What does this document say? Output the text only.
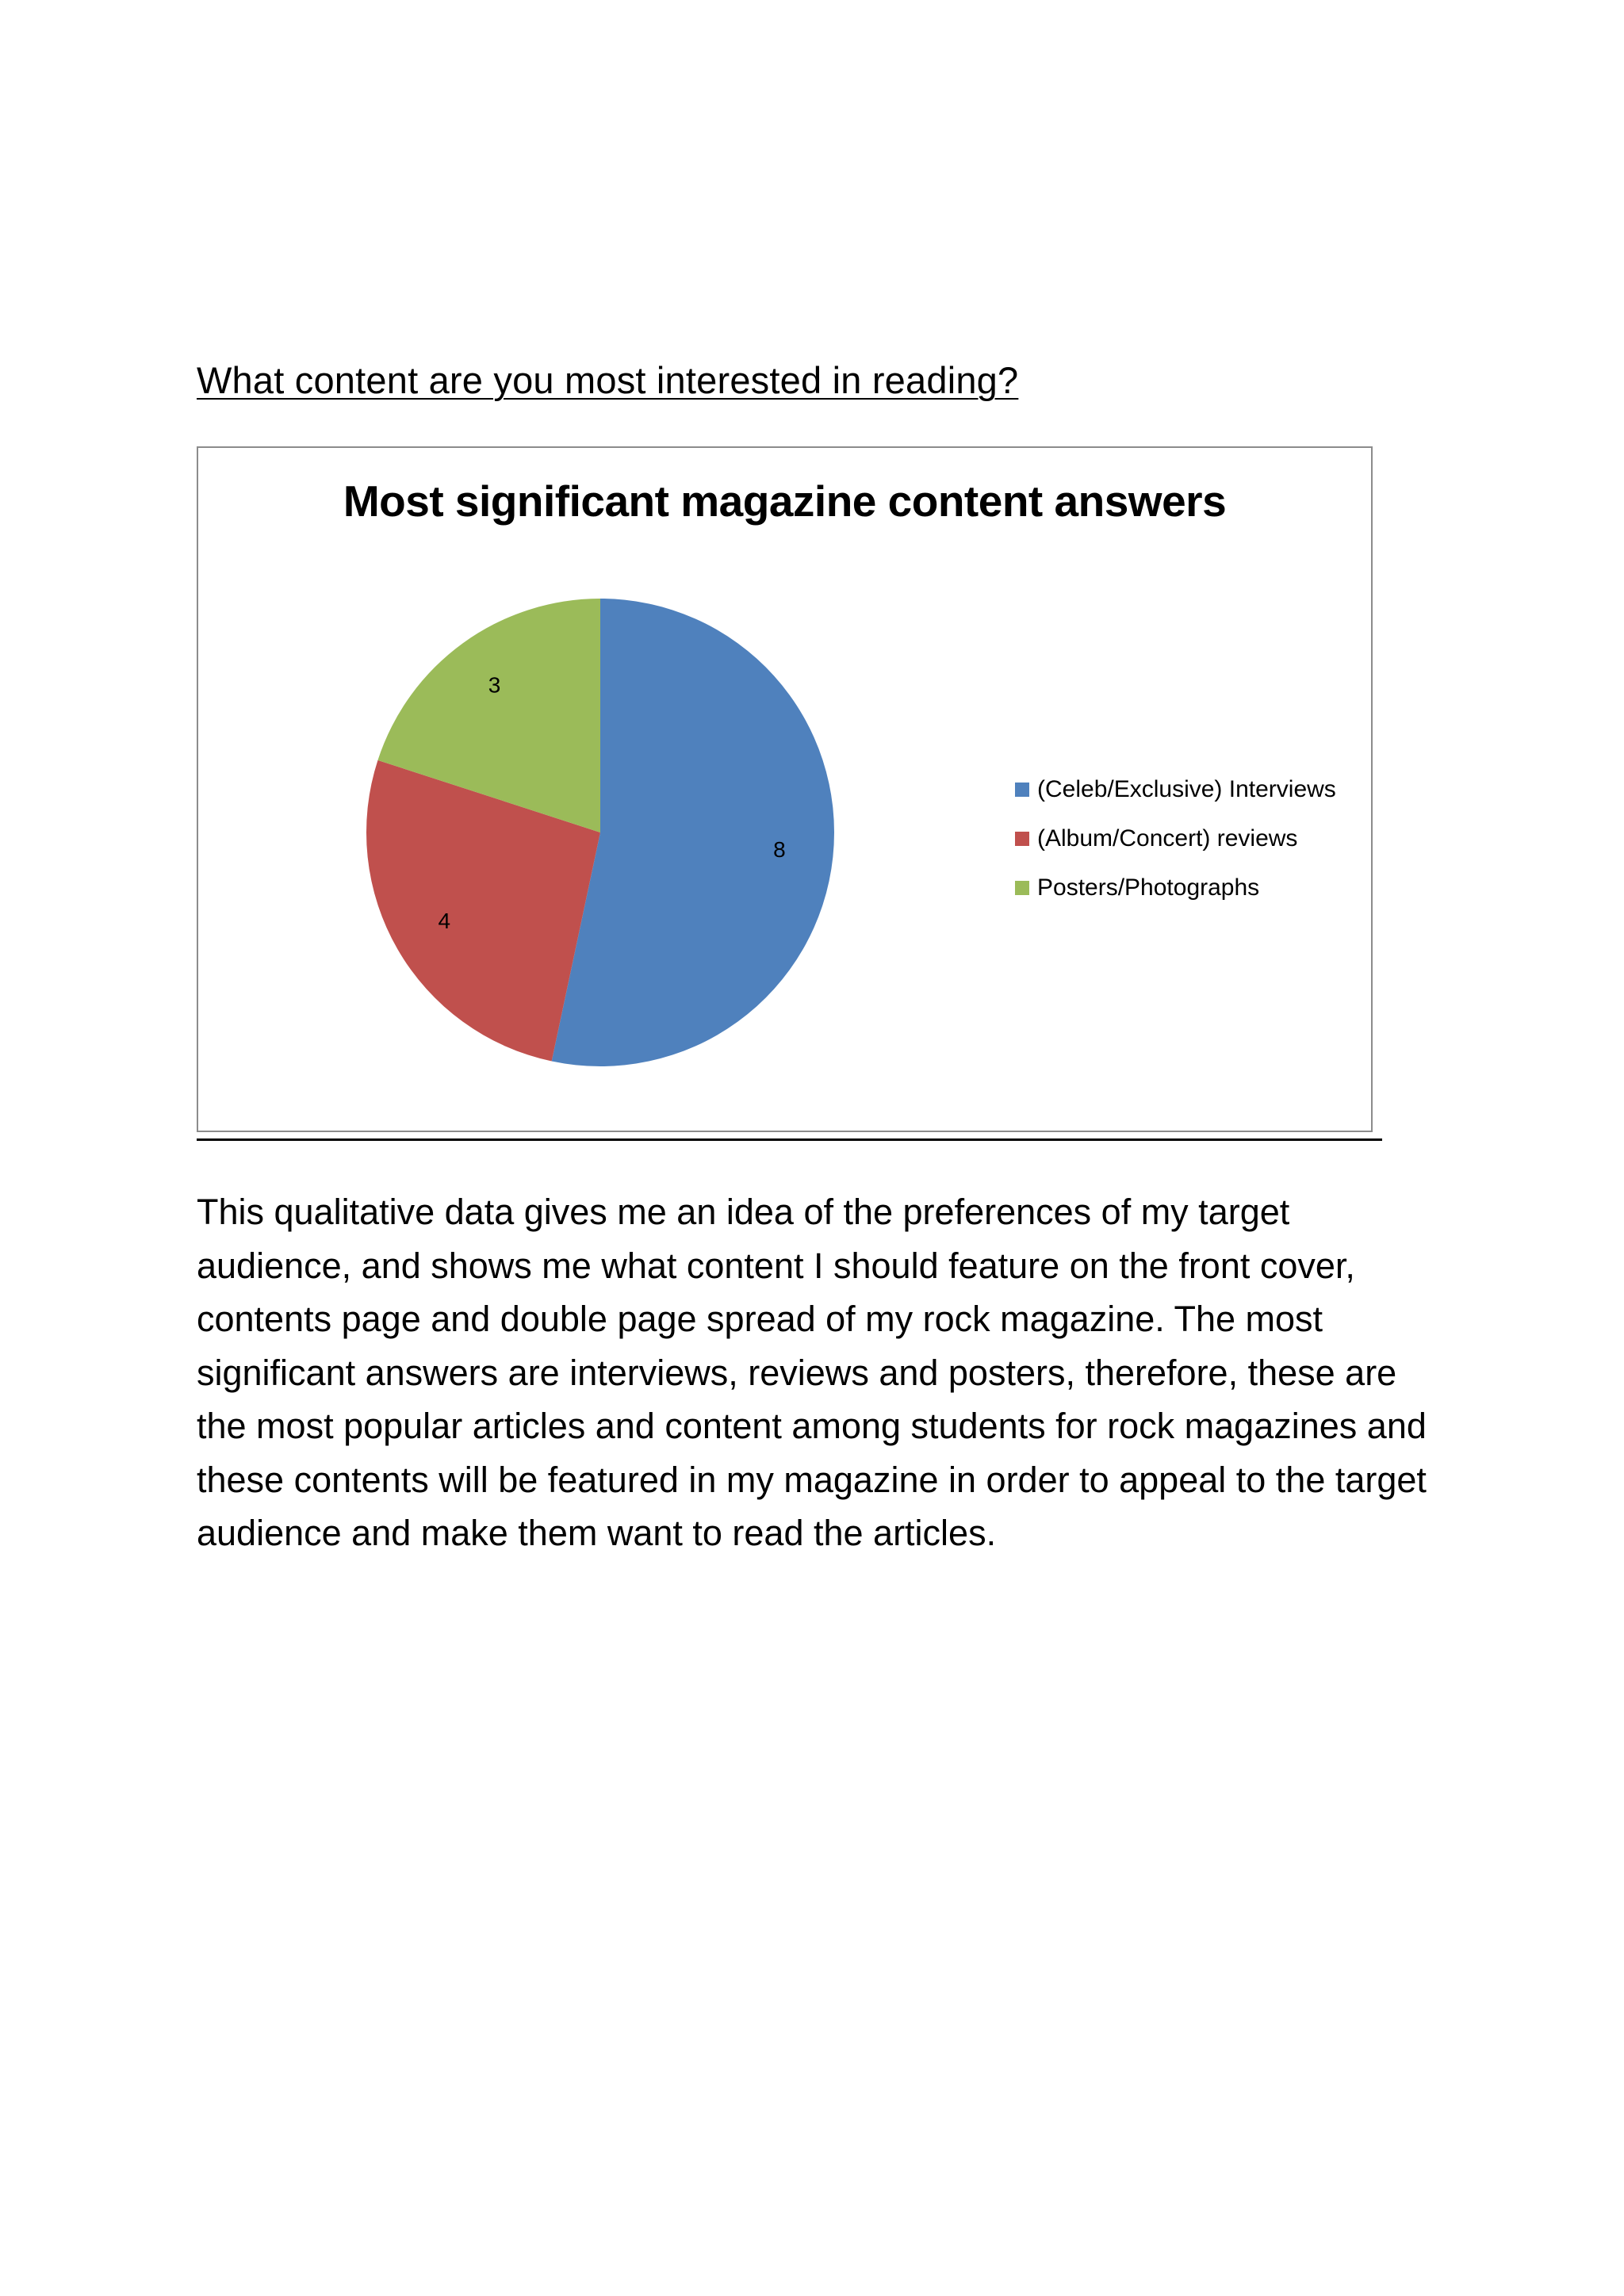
What content are you most interested in reading?
Most significant magazine content answers
8
4
3
(Celeb/Exclusive) Interviews
(Album/Concert) reviews
Posters/Photographs
This qualitative data gives me an idea of the preferences of my target
audience, and shows me what content I should feature on the front cover,
contents page and double page spread of my rock magazine. The most
significant answers are interviews, reviews and posters, therefore, these are
the most popular articles and content among students for rock magazines and
these contents will be featured in my magazine in order to appeal to the target
audience and make them want to read the articles.
